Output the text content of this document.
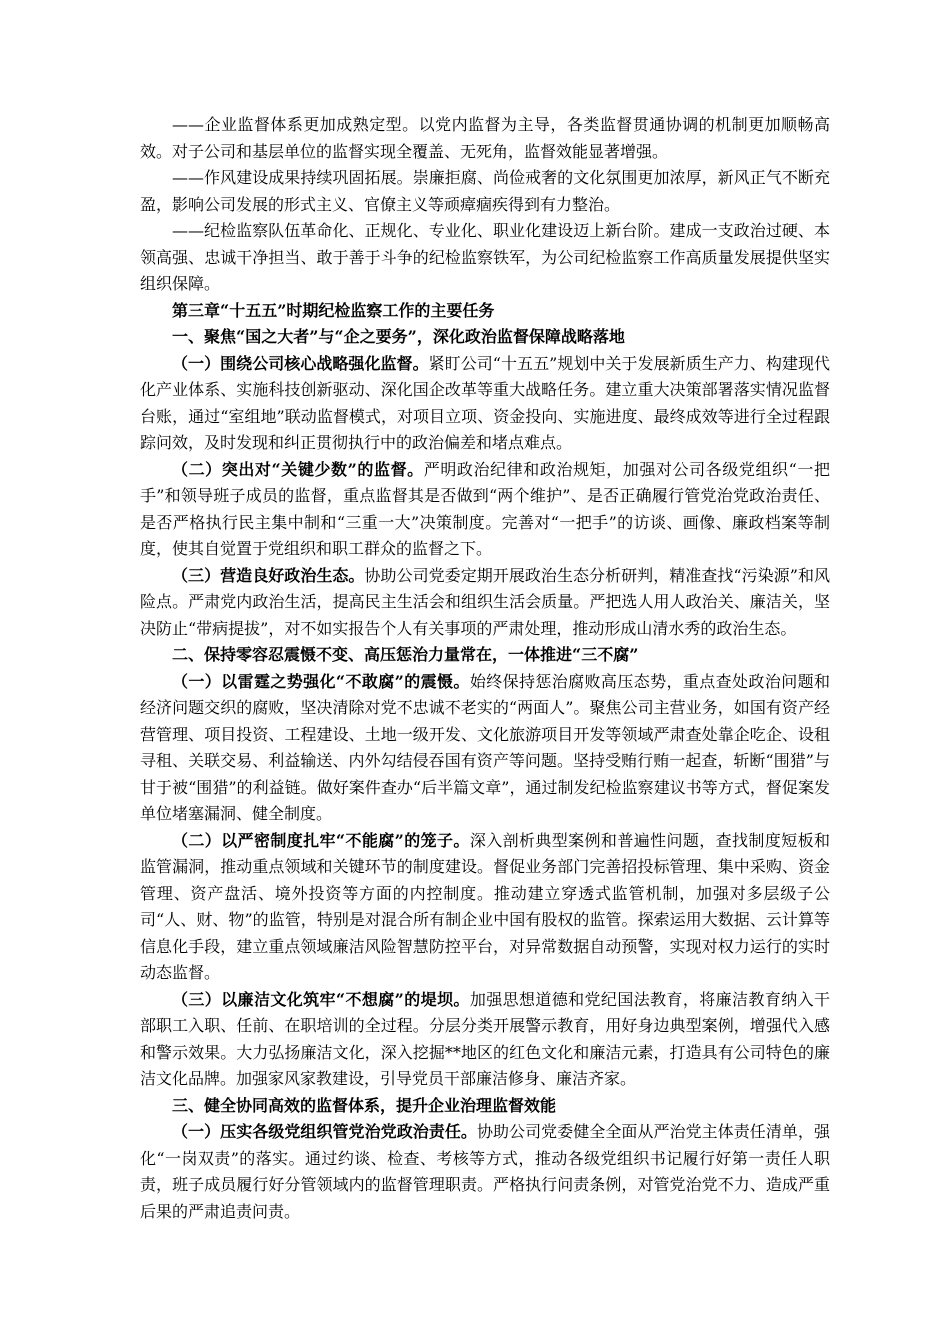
——企业监督体系更加成熟定型。以党内监督为主导，各类监督贯通协调的机制更加顺畅高效。对子公司和基层单位的监督实现全覆盖、无死角，监督效能显著增强。

——作风建设成果持续巩固拓展。崇廉拒腐、尚俭戒奢的文化氛围更加浓厚，新风正气不断充盈，影响公司发展的形式主义、官僚主义等顽瘴痼疾得到有力整治。

——纪检监察队伍革命化、正规化、专业化、职业化建设迈上新台阶。建成一支政治过硬、本领高强、忠诚干净担当、敢于善于斗争的纪检监察铁军，为公司纪检监察工作高质量发展提供坚实组织保障。

第三章“十五五”时期纪检监察工作的主要任务

一、聚焦“国之大者”与“企之要务”，深化政治监督保障战略落地

（一）围绕公司核心战略强化监督。紧盯公司“十五五”规划中关于发展新质生产力、构建现代化产业体系、实施科技创新驱动、深化国企改革等重大战略任务。建立重大决策部署落实情况监督台账，通过“室组地”联动监督模式，对项目立项、资金投向、实施进度、最终成效等进行全过程跟踪问效，及时发现和纠正贯彻执行中的政治偏差和堵点难点。

（二）突出对“关键少数”的监督。严明政治纪律和政治规矩，加强对公司各级党组织“一把手”和领导班子成员的监督，重点监督其是否做到“两个维护”、是否正确履行管党治党政治责任、是否严格执行民主集中制和“三重一大”决策制度。完善对“一把手”的访谈、画像、廉政档案等制度，使其自觉置于党组织和职工群众的监督之下。

（三）营造良好政治生态。协助公司党委定期开展政治生态分析研判，精准查找“污染源”和风险点。严肃党内政治生活，提高民主生活会和组织生活会质量。严把选人用人政治关、廉洁关，坚决防止“带病提拔”，对不如实报告个人有关事项的严肃处理，推动形成山清水秀的政治生态。

二、保持零容忍震慑不变、高压惩治力量常在，一体推进“三不腐”

（一）以雷霆之势强化“不敢腐”的震慑。始终保持惩治腐败高压态势，重点查处政治问题和经济问题交织的腐败，坚决清除对党不忠诚不老实的“两面人”。聚焦公司主营业务，如国有资产经营管理、项目投资、工程建设、土地一级开发、文化旅游项目开发等领域严肃查处靠企吃企、设租寻租、关联交易、利益输送、内外勾结侵吞国有资产等问题。坚持受贿行贿一起查，斩断“围猎”与甘于被“围猎”的利益链。做好案件查办“后半篇文章”，通过制发纪检监察建议书等方式，督促案发单位堵塞漏洞、健全制度。

（二）以严密制度扎牢“不能腐”的笼子。深入剖析典型案例和普遍性问题，查找制度短板和监管漏洞，推动重点领域和关键环节的制度建设。督促业务部门完善招投标管理、集中采购、资金管理、资产盘活、境外投资等方面的内控制度。推动建立穿透式监管机制，加强对多层级子公司“人、财、物”的监管，特别是对混合所有制企业中国有股权的监管。探索运用大数据、云计算等信息化手段，建立重点领域廉洁风险智慧防控平台，对异常数据自动预警，实现对权力运行的实时动态监督。

（三）以廉洁文化筑牢“不想腐”的堤坝。加强思想道德和党纪国法教育，将廉洁教育纳入干部职工入职、任前、在职培训的全过程。分层分类开展警示教育，用好身边典型案例，增强代入感和警示效果。大力弘扬廉洁文化，深入挖掘**地区的红色文化和廉洁元素，打造具有公司特色的廉洁文化品牌。加强家风家教建设，引导党员干部廉洁修身、廉洁齐家。

三、健全协同高效的监督体系，提升企业治理监督效能

（一）压实各级党组织管党治党政治责任。协助公司党委健全全面从严治党主体责任清单，强化“一岗双责”的落实。通过约谈、检查、考核等方式，推动各级党组织书记履行好第一责任人职责，班子成员履行好分管领域内的监督管理职责。严格执行问责条例，对管党治党不力、造成严重后果的严肃追责问责。
